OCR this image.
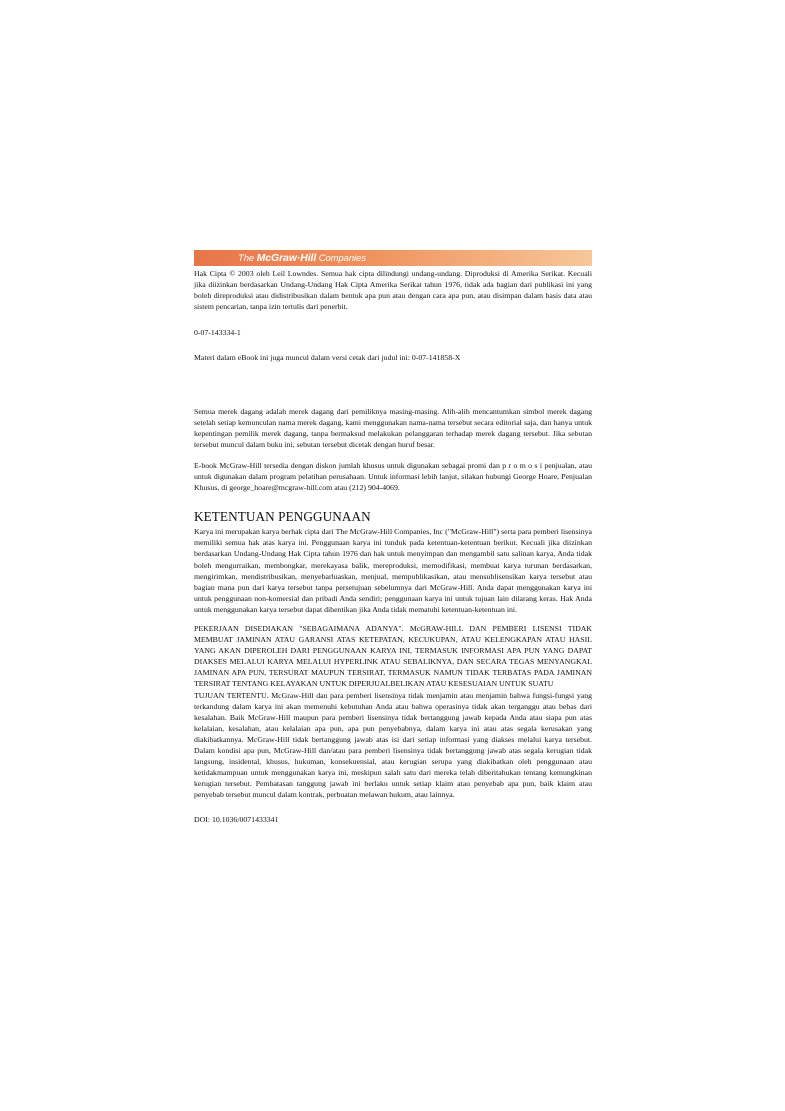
The McGraw·Hill Companies

Hak Cipta © 2003 oleh Leil Lowndes. Semua hak cipta dilindungi undang-undang. Diproduksi di Amerika Serikat. Kecuali jika diizinkan berdasarkan Undang-Undang Hak Cipta Amerika Serikat tahun 1976, tidak ada bagian dari publikasi ini yang boleh direproduksi atau didistribusikan dalam bentuk apa pun atau dengan cara apa pun, atau disimpan dalam basis data atau sistem pencarian, tanpa izin tertulis dari penerbit.

0-07-143334-1

Materi dalam eBook ini juga muncul dalam versi cetak dari judul ini: 0-07-141858-X

Semua merek dagang adalah merek dagang dari pemiliknya masing-masing. Alih-alih mencantumkan simbol merek dagang setelah setiap kemunculan nama merek dagang, kami menggunakan nama-nama tersebut secara editorial saja, dan hanya untuk kepentingan pemilik merek dagang, tanpa bermaksud melakukan pelanggaran terhadap merek dagang tersebut. Jika sebutan tersebut muncul dalam buku ini, sebutan tersebut dicetak dengan huruf besar.

E-book McGraw-Hill tersedia dengan diskon jumlah khusus untuk digunakan sebagai promi dan p r o m o s i penjualan, atau untuk digunakan dalam program pelatihan perusahaan. Untuk informasi lebih lanjut, silakan hubungi George Hoare, Penjualan Khusus, di george_hoare@mcgraw-hill.com atau (212) 904-4069.

KETENTUAN PENGGUNAAN

Karya ini merupakan karya berhak cipta dari The McGraw-Hill Companies, Inc ("McGraw-Hill") serta para pemberi lisensinya memiliki semua hak atas karya ini. Penggunaan karya ini tunduk pada ketentuan-ketentuan berikut. Kecuali jika diizinkan berdasarkan Undang-Undang Hak Cipta tahun 1976 dan hak untuk menyimpan dan mengambil satu salinan karya, Anda tidak boleh mengurraikan, membongkar, merekayasa balik, mereproduksi, memodifikasi, membuat karya turunan berdasarkan, mengirimkan, mendistribusikan, menyebarluaskan, menjual, mempublikasikan, atau mensublisensikan karya tersebut atau bagian mana pun dari karya tersebut tanpa persetujuan sebelumnya dari McGraw-Hill. Anda dapat menggunakan karya ini untuk penggunaan non-komersial dan pribadi Anda sendiri; penggunaan karya ini untuk tujuan lain dilarang keras. Hak Anda untuk menggunakan karya tersebut dapat dihentikan jika Anda tidak mematuhi ketentuan-ketentuan ini.

PEKERJAAN DISEDIAKAN "SEBAGAIMANA ADANYA". McGRAW-HILL DAN PEMBERI LISENSI TIDAK MEMBUAT JAMINAN ATAU GARANSI ATAS KETEPATAN, KECUKUPAN, ATAU KELENGKAPAN ATAU HASIL YANG AKAN DIPEROLEH DARI PENGGUNAAN KARYA INI, TERMASUK INFORMASI APA PUN YANG DAPAT DIAKSES MELALUI KARYA MELALUI HYPERLINK ATAU SEBALIKNYA, DAN SECARA TEGAS MENYANGKAL JAMINAN APA PUN, TERSURAT MAUPUN TERSIRAT, TERMASUK NAMUN TIDAK TERBATAS PADA JAMINAN TERSIRAT TENTANG KELAYAKAN UNTUK DIPERJUALBELIKAN ATAU KESESUAIAN UNTUK SUATU

TUJUAN TERTENTU. McGraw-Hill dan para pemberi lisensinya tidak menjamin atau menjamin bahwa fungsi-fungsi yang terkandung dalam karya ini akan memenuhi kebutuhan Anda atau bahwa operasinya tidak akan terganggu atau bebas dari kesalahan. Baik McGraw-Hill maupun para pemberi lisensinya tidak bertanggung jawab kepada Anda atau siapa pun atas kelalaian, kesalahan, atau kelalaian apa pun, apa pun penyebabnya, dalam karya ini atau atas segala kerusakan yang diakibatkannya. McGraw-Hill tidak bertanggung jawab atas isi dari setiap informasi yang diakses melalui karya tersebut. Dalam kondisi apa pun, McGraw-Hill dan/atau para pemberi lisensinya tidak bertanggung jawab atas segala kerugian tidak langsung, insidental, khusus, hukuman, konsekuensial, atau kerugian serupa yang diakibatkan oleh penggunaan atau ketidakmampuan untuk menggunakan karya ini, meskipun salah satu dari mereka telah diberitahukan tentang kemungkinan kerugian tersebut. Pembatasan tanggung jawab ini berlaku untuk setiap klaim atau penyebab apa pun, baik klaim atau penyebab tersebut muncul dalam kontrak, perbuatan melawan hukum, atau lainnya.

DOI: 10.1036/0071433341
